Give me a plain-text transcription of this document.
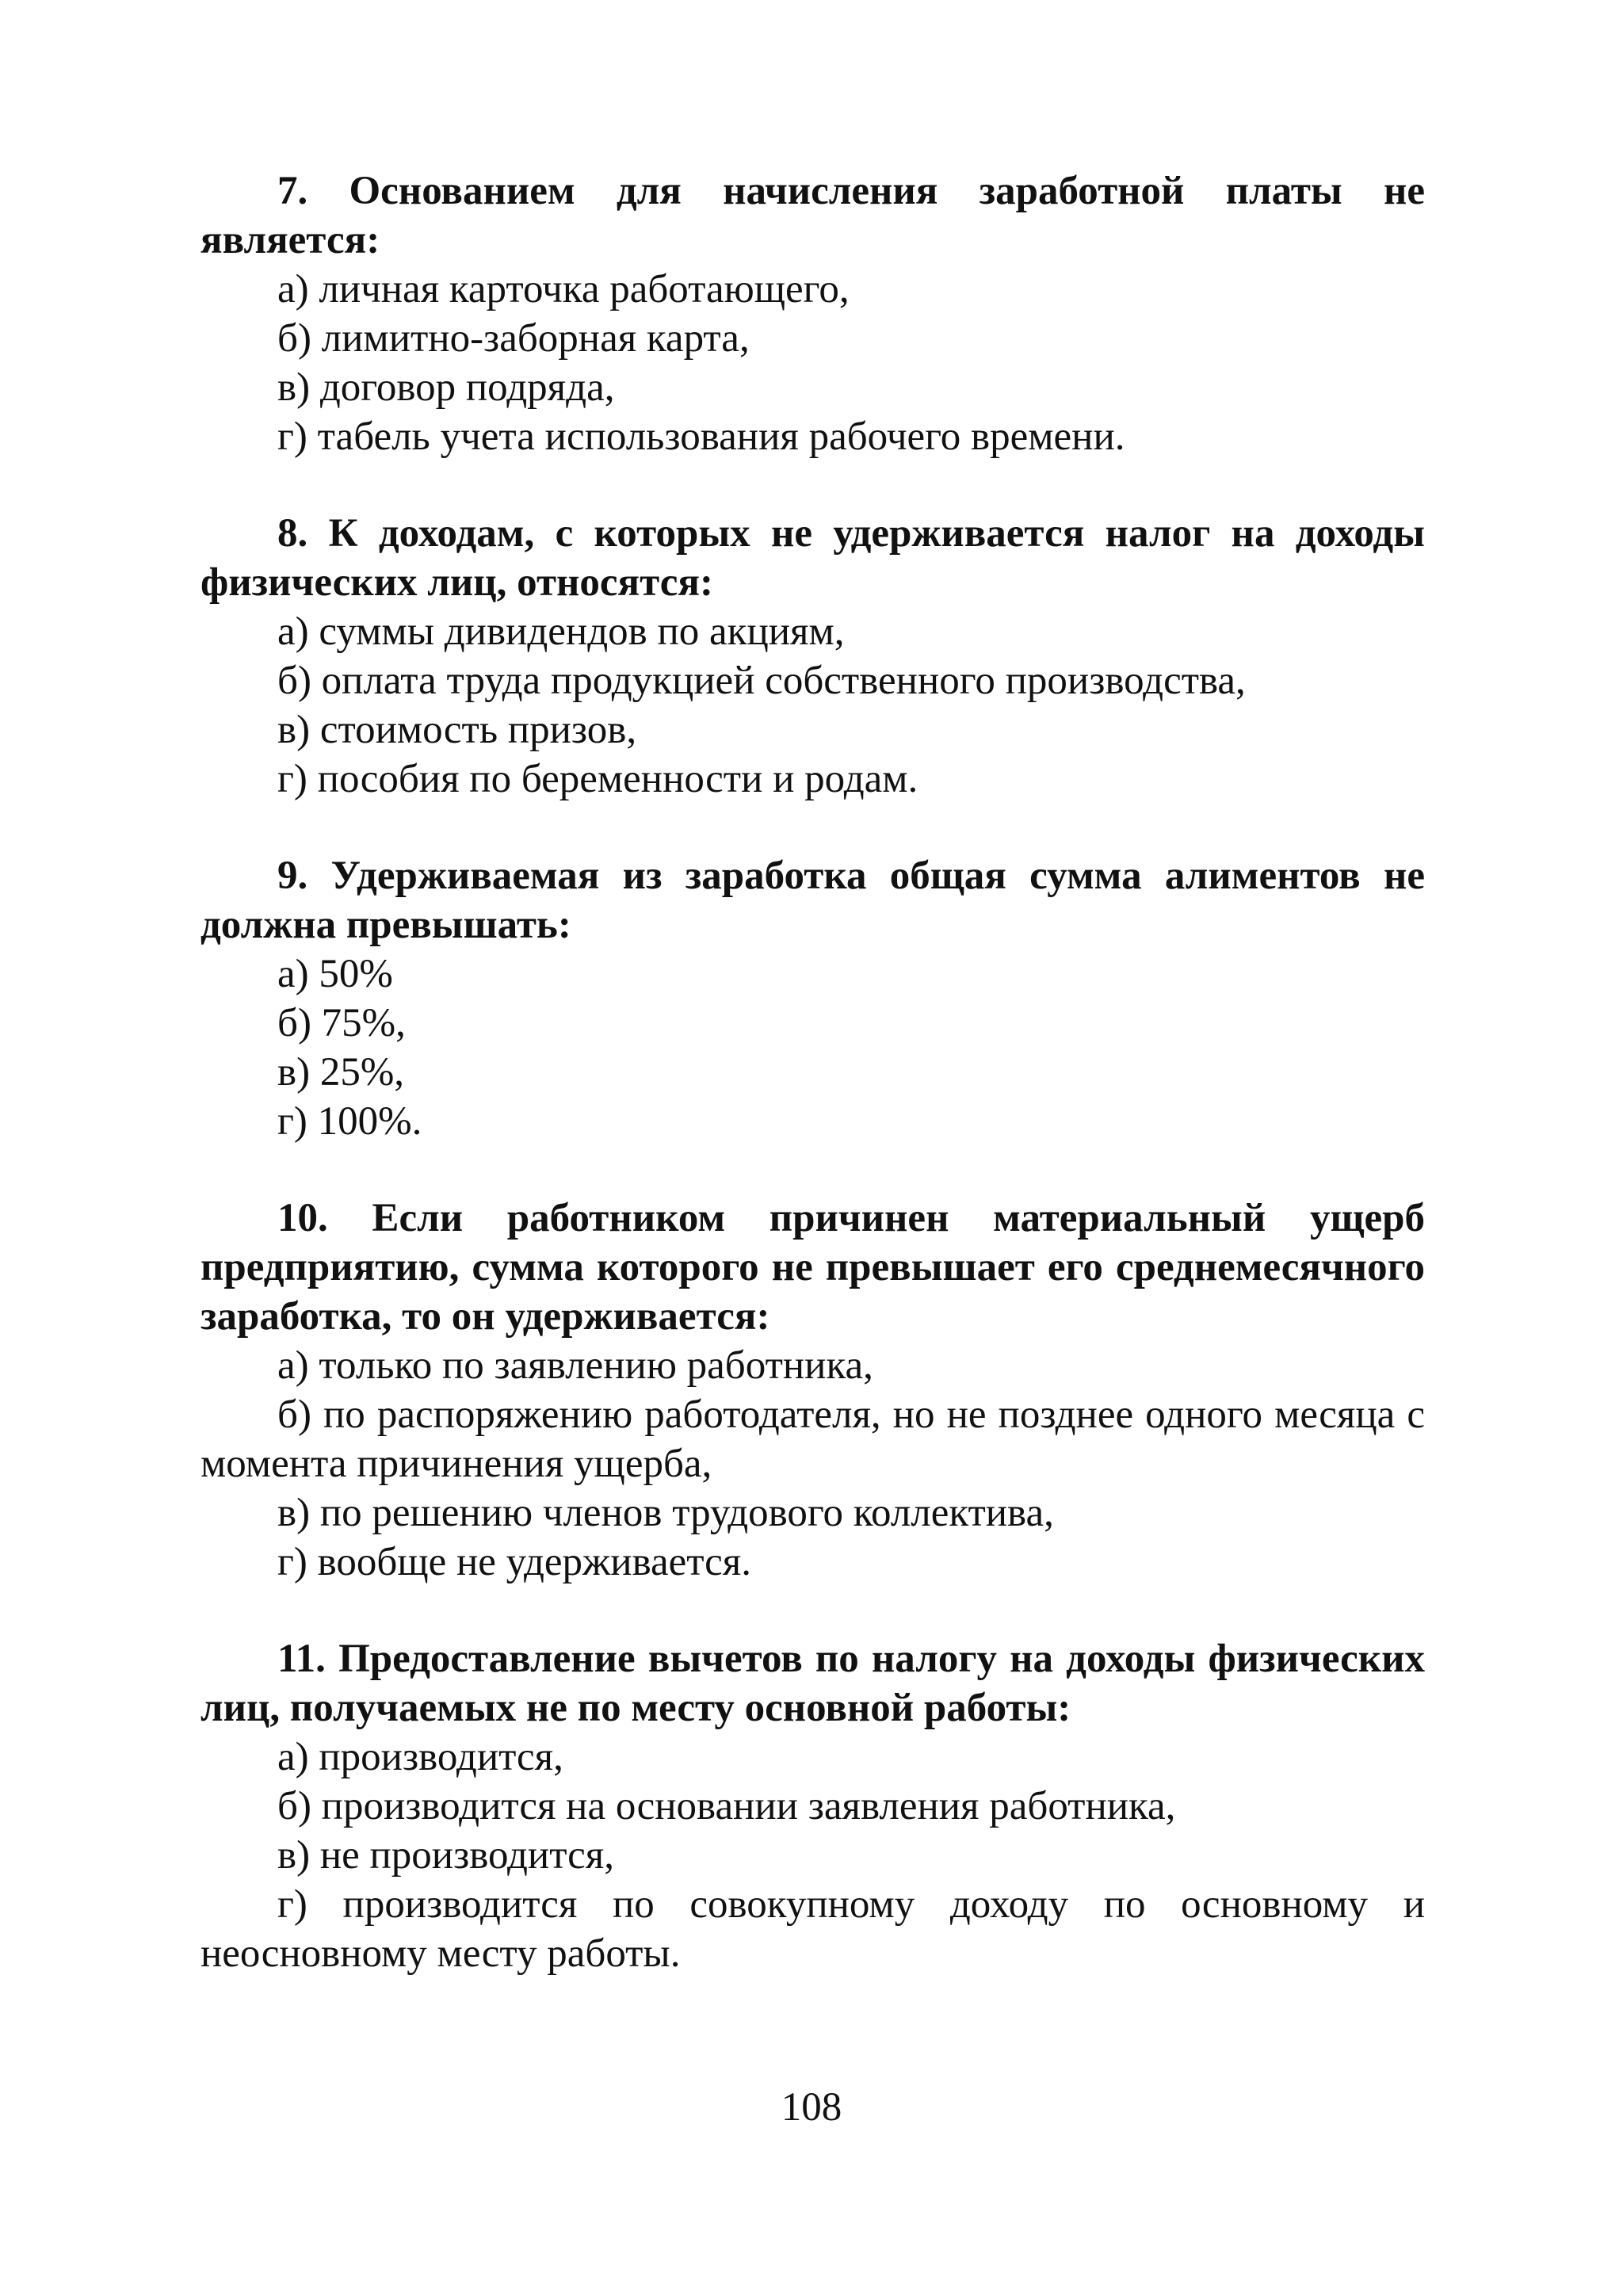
7. Основанием для начисления заработной платы не является:

а) личная карточка работающего,

б) лимитно-заборная карта,

в) договор подряда,

г) табель учета использования рабочего времени.

8. К доходам, с которых не удерживается налог на доходы физических лиц, относятся:

а) суммы дивидендов по акциям,

б) оплата труда продукцией собственного производства,

в) стоимость призов,

г) пособия по беременности и родам.

9. Удерживаемая из заработка общая сумма алиментов не должна превышать:

а) 50%

б) 75%,

в) 25%,

г) 100%.

10. Если работником причинен материальный ущерб предприятию, сумма которого не превышает его среднемесячного заработка, то он удерживается:

а) только по заявлению работника,

б) по распоряжению работодателя, но не позднее одного месяца с момента причинения ущерба,

в) по решению членов трудового коллектива,

г) вообще не удерживается.

11. Предоставление вычетов по налогу на доходы физических лиц, получаемых не по месту основной работы:

а) производится,

б) производится на основании заявления работника,

в) не производится,

г) производится по совокупному доходу по основному и неосновному месту работы.

108
